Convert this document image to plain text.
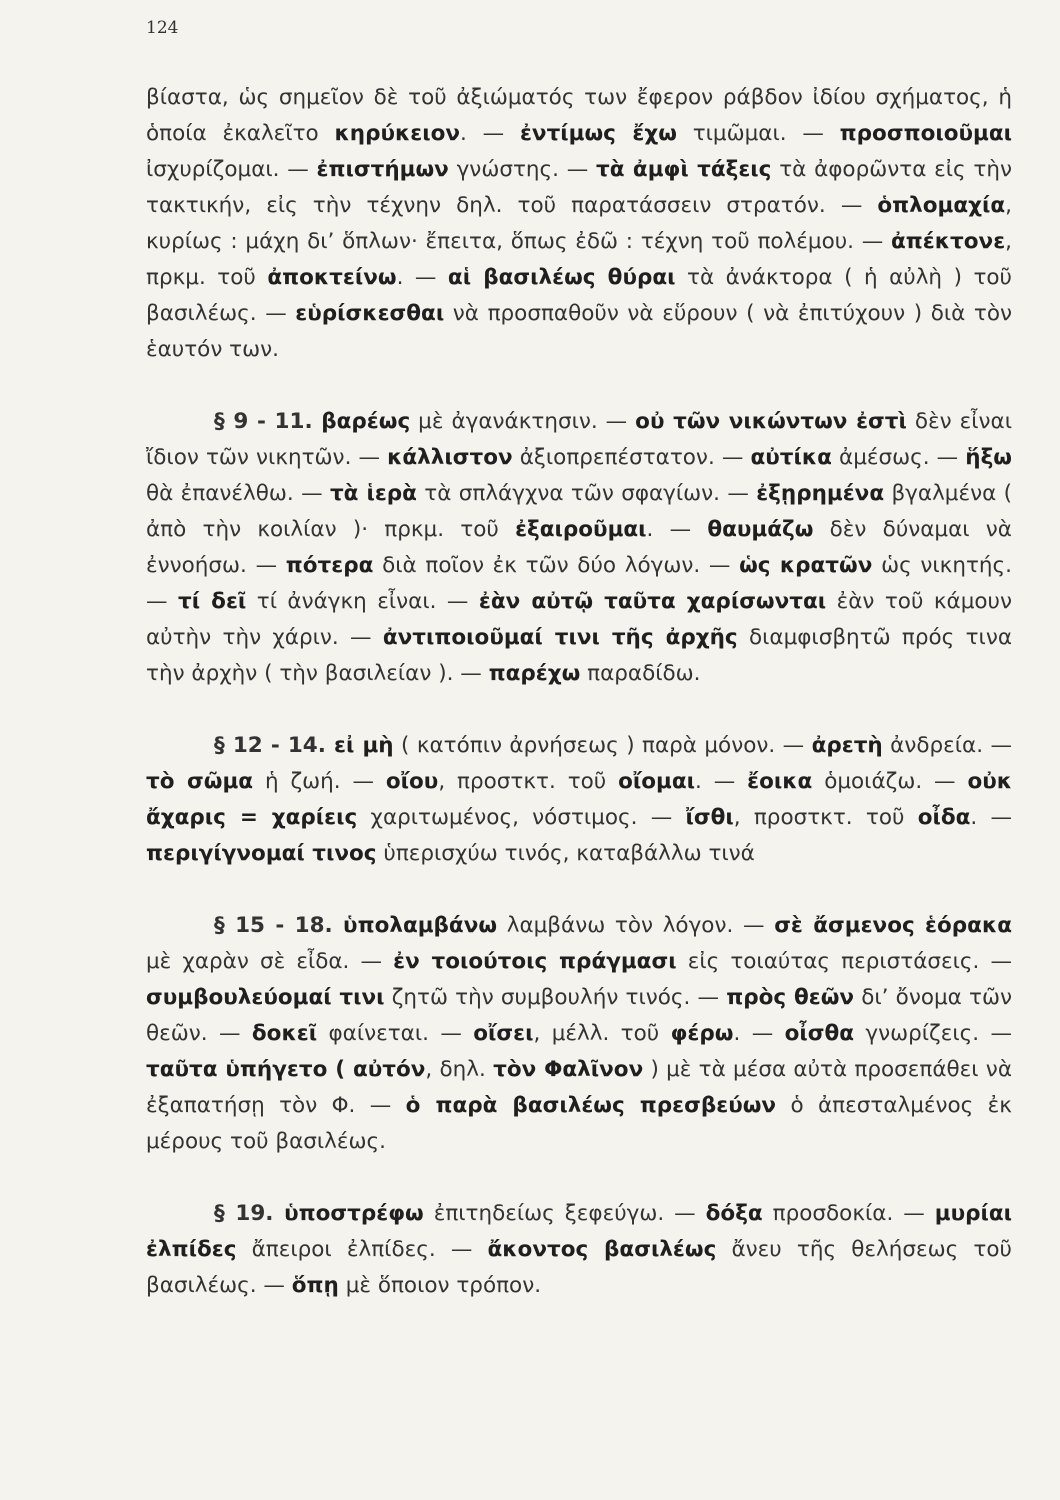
124

βίαστα, ὡς σημεῖον δὲ τοῦ ἀξιώματός των ἔφερον ράβδον ἰδίου σχήματος, ἡ ὁποία ἐκαλεῖτο κηρύκειον. — ἐντίμως ἔχω τιμῶμαι. — προσποιοῦμαι ἰσχυρίζομαι. — ἐπιστήμων γνώστης. — τὰ ἀμφὶ τάξεις τὰ ἀφορῶντα εἰς τὴν τακτικήν, εἰς τὴν τέχνην δηλ. τοῦ παρατάσσειν στρατόν. — ὁπλομαχία, κυρίως : μάχη δι’ ὅπλων· ἔπειτα, ὅπως ἐδῶ : τέχνη τοῦ πολέμου. — ἀπέκτονε, πρκμ. τοῦ ἀποκτείνω. — αἱ βασιλέως θύραι τὰ ἀνάκτορα ( ἡ αὐλὴ ) τοῦ βασιλέως. — εὑρίσκεσθαι νὰ προσπαθοῦν νὰ εὕρουν ( νὰ ἐπιτύχουν ) διὰ τὸν ἑαυτόν των.

§ 9 - 11. βαρέως μὲ ἀγανάκτησιν. — οὐ τῶν νικώντων ἐστὶ δὲν εἶναι ἴδιον τῶν νικητῶν. — κάλλιστον ἀξιοπρεπέστατον. — αὐτίκα ἀμέσως. — ἥξω θὰ ἐπανέλθω. — τὰ ἱερὰ τὰ σπλάγχνα τῶν σφαγίων. — ἐξῃρημένα βγαλμένα ( ἀπὸ τὴν κοιλίαν )· πρκμ. τοῦ ἐξαιροῦμαι. — θαυμάζω δὲν δύναμαι νὰ ἐννοήσω. — πότερα διὰ ποῖον ἐκ τῶν δύο λόγων. — ὡς κρατῶν ὡς νικητής. — τί δεῖ τί ἀνάγκη εἶναι. — ἐὰν αὐτῷ ταῦτα χαρίσωνται ἐὰν τοῦ κάμουν αὐτὴν τὴν χάριν. — ἀντιποιοῦμαί τινι τῆς ἀρχῆς διαμφισβητῶ πρός τινα τὴν ἀρχὴν ( τὴν βασιλείαν ). — παρέχω παραδίδω.

§ 12 - 14. εἰ μὴ ( κατόπιν ἀρνήσεως ) παρὰ μόνον. — ἀρετὴ ἀνδρεία. — τὸ σῶμα ἡ ζωή. — οἴου, προστκτ. τοῦ οἴομαι. — ἔοικα ὁμοιάζω. — οὐκ ἄχαρις = χαρίεις χαριτωμένος, νόστιμος. — ἴσθι, προστκτ. τοῦ οἶδα. — περιγίγνομαί τινος ὑπερισχύω τινός, καταβάλλω τινά

§ 15 - 18. ὑπολαμβάνω λαμβάνω τὸν λόγον. — σὲ ἄσμενος ἑόρακα μὲ χαρὰν σὲ εἶδα. — ἐν τοιούτοις πράγμασι εἰς τοιαύτας περιστάσεις. — συμβουλεύομαί τινι ζητῶ τὴν συμβουλήν τινός. — πρὸς θεῶν δι’ ὄνομα τῶν θεῶν. — δοκεῖ φαίνεται. — οἴσει, μέλλ. τοῦ φέρω. — οἶσθα γνωρίζεις. — ταῦτα ὑπήγετο ( αὐτόν, δηλ. τὸν Φαλῖνον ) μὲ τὰ μέσα αὐτὰ προσεπάθει νὰ ἐξαπατήσῃ τὸν Φ. — ὁ παρὰ βασιλέως πρεσβεύων ὁ ἀπεσταλμένος ἐκ μέρους τοῦ βασιλέως.

§ 19. ὑποστρέφω ἐπιτηδείως ξεφεύγω. — δόξα προσδοκία. — μυρίαι ἐλπίδες ἄπειροι ἐλπίδες. — ἄκοντος βασιλέως ἄνευ τῆς θελήσεως τοῦ βασιλέως. — ὅπῃ μὲ ὅποιον τρόπον.
